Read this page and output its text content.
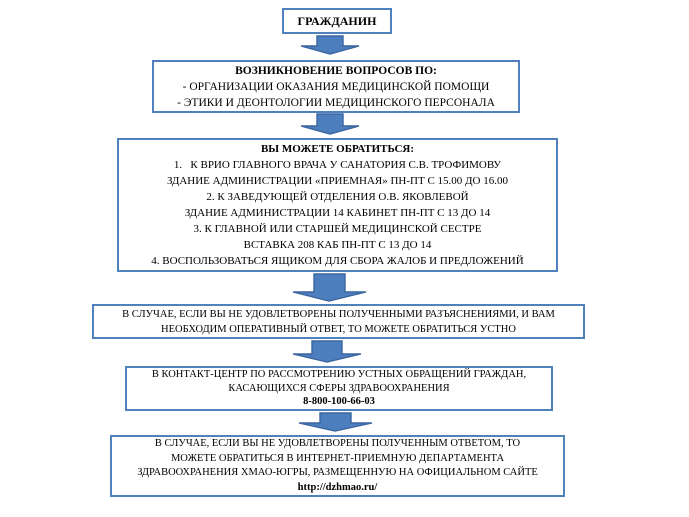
ГРАЖДАНИН
ВОЗНИКНОВЕНИЕ ВОПРОСОВ ПО:
- ОРГАНИЗАЦИИ ОКАЗАНИЯ МЕДИЦИНСКОЙ ПОМОЩИ
- ЭТИКИ И ДЕОНТОЛОГИИ МЕДИЦИНСКОГО ПЕРСОНАЛА
ВЫ МОЖЕТЕ ОБРАТИТЬСЯ:
1.   К ВРИО ГЛАВНОГО ВРАЧА У САНАТОРИЯ С.В. ТРОФИМОВУ
ЗДАНИЕ АДМИНИСТРАЦИИ «ПРИЕМНАЯ» ПН-ПТ С 15.00 ДО 16.00
2. К ЗАВЕДУЮЩЕЙ ОТДЕЛЕНИЯ О.В. ЯКОВЛЕВОЙ
ЗДАНИЕ АДМИНИСТРАЦИИ 14 КАБИНЕТ ПН-ПТ С 13 ДО 14
3. К ГЛАВНОЙ ИЛИ СТАРШЕЙ МЕДИЦИНСКОЙ СЕСТРЕ
ВСТАВКА 208 КАБ ПН-ПТ С 13 ДО 14
4. ВОСПОЛЬЗОВАТЬСЯ ЯЩИКОМ ДЛЯ СБОРА ЖАЛОБ И ПРЕДЛОЖЕНИЙ
В СЛУЧАЕ, ЕСЛИ ВЫ НЕ УДОВЛЕТВОРЕНЫ ПОЛУЧЕННЫМИ РАЗЪЯСНЕНИЯМИ, И ВАМ
НЕОБХОДИМ ОПЕРАТИВНЫЙ ОТВЕТ, ТО МОЖЕТЕ ОБРАТИТЬСЯ УСТНО
В КОНТАКТ-ЦЕНТР ПО РАССМОТРЕНИЮ УСТНЫХ ОБРАЩЕНИЙ ГРАЖДАН,
КАСАЮЩИХСЯ СФЕРЫ ЗДРАВООХРАНЕНИЯ
8-800-100-66-03
В СЛУЧАЕ, ЕСЛИ ВЫ НЕ УДОВЛЕТВОРЕНЫ ПОЛУЧЕННЫМ ОТВЕТОМ, ТО
МОЖЕТЕ ОБРАТИТЬСЯ В ИНТЕРНЕТ-ПРИЕМНУЮ ДЕПАРТАМЕНТА
ЗДРАВООХРАНЕНИЯ ХМАО-ЮГРЫ, РАЗМЕЩЕННУЮ НА ОФИЦИАЛЬНОМ САЙТЕ
http://dzhmao.ru/
